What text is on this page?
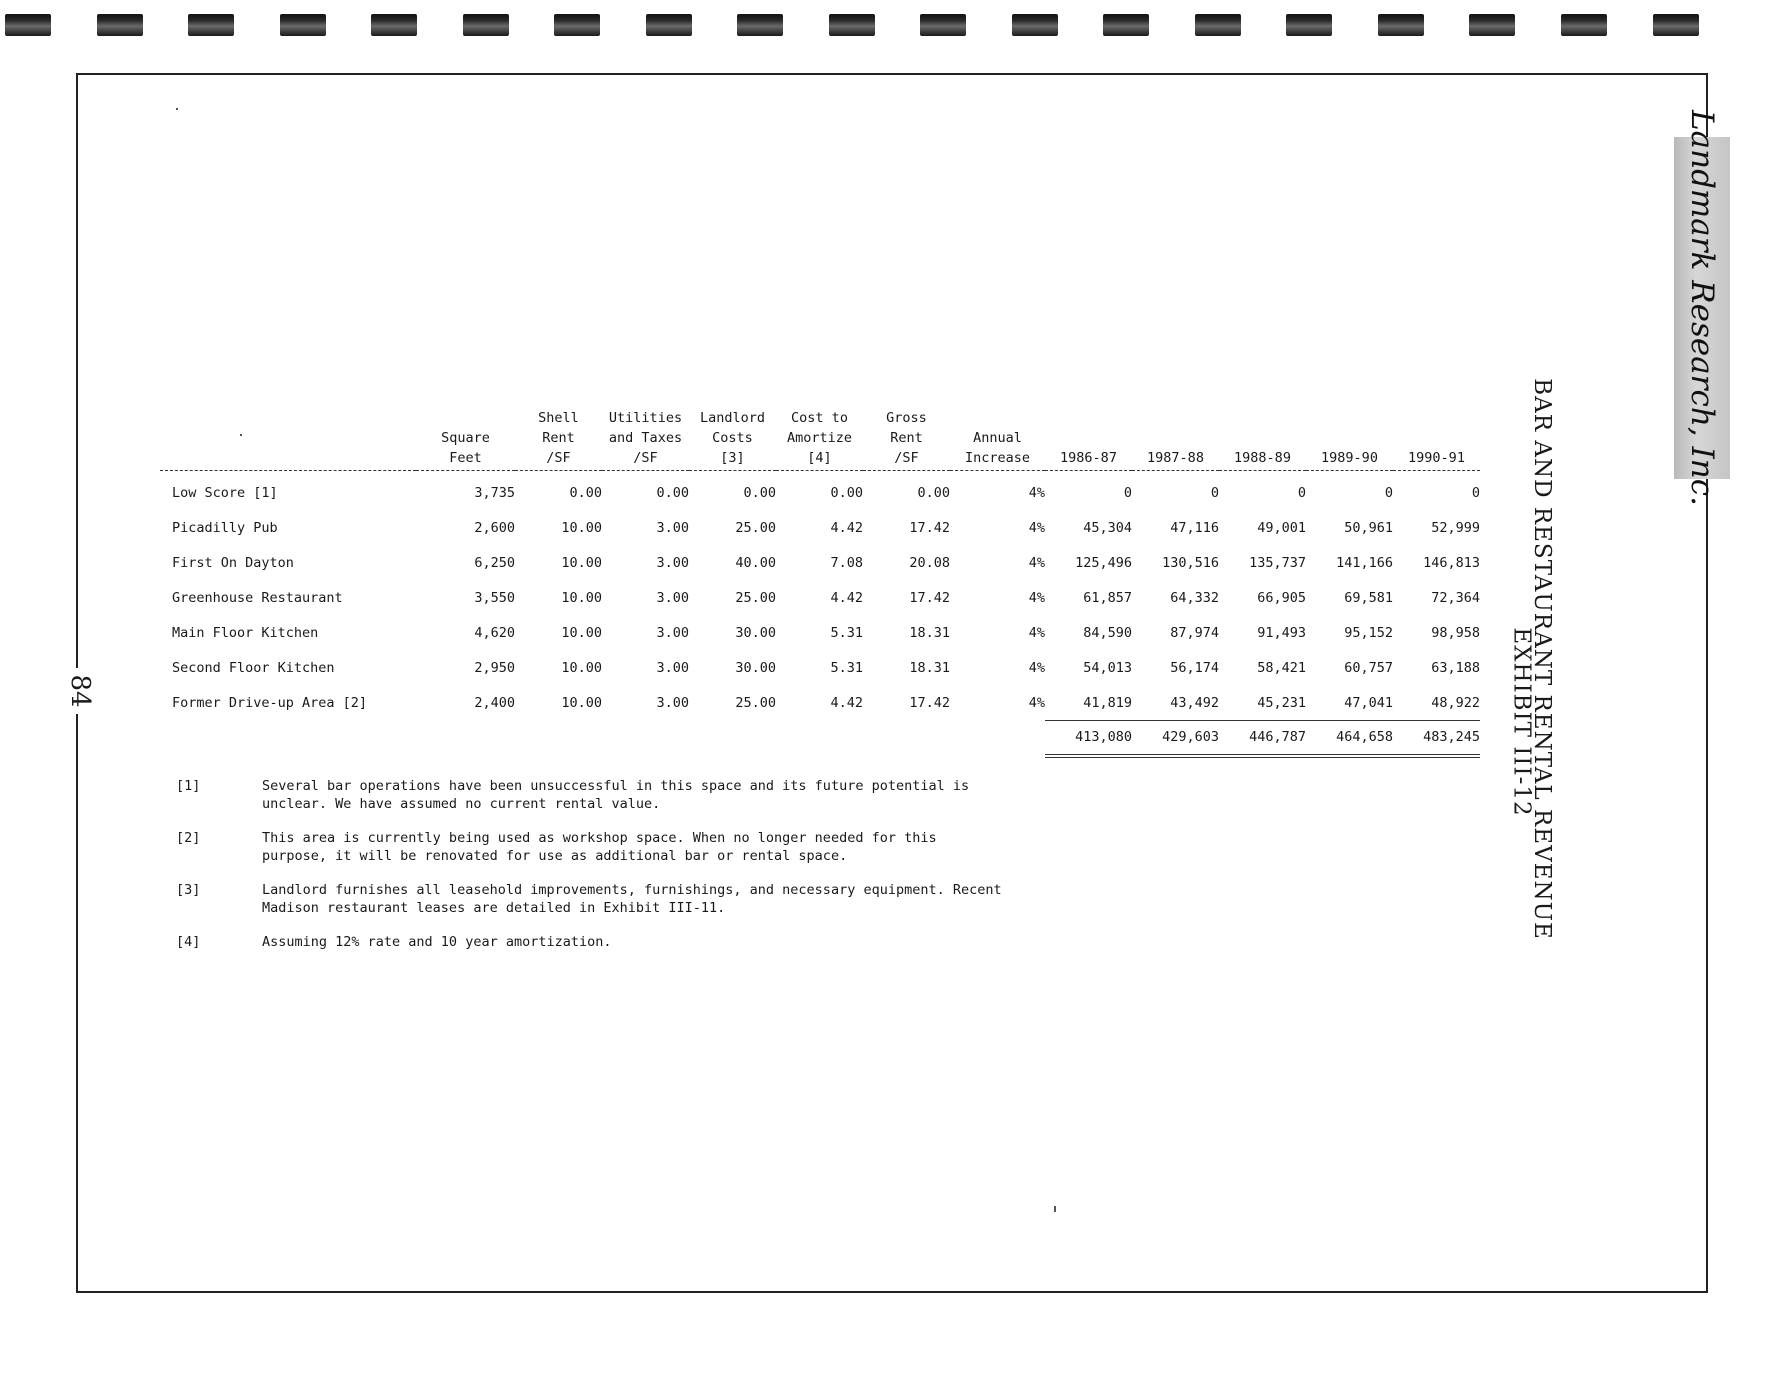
84
Landmark Research, Inc.
EXHIBIT III-12
BAR AND RESTAURANT RENTAL REVENUE
		Shell	Utilities	Landlord	Cost to	Gross						
	Square	Rent	and Taxes	Costs	Amortize	Rent	Annual					
	Feet	/SF	/SF	[3]	[4]	/SF	Increase	1986-87	1987-88	1988-89	1989-90	1990-91
Low Score [1]	3,735	0.00	0.00	0.00	0.00	0.00	4%	0	0	0	0	0
Picadilly Pub	2,600	10.00	3.00	25.00	4.42	17.42	4%	45,304	47,116	49,001	50,961	52,999
First On Dayton	6,250	10.00	3.00	40.00	7.08	20.08	4%	125,496	130,516	135,737	141,166	146,813
Greenhouse Restaurant	3,550	10.00	3.00	25.00	4.42	17.42	4%	61,857	64,332	66,905	69,581	72,364
Main Floor Kitchen	4,620	10.00	3.00	30.00	5.31	18.31	4%	84,590	87,974	91,493	95,152	98,958
Second Floor Kitchen	2,950	10.00	3.00	30.00	5.31	18.31	4%	54,013	56,174	58,421	60,757	63,188
Former Drive-up Area [2]	2,400	10.00	3.00	25.00	4.42	17.42	4%	41,819	43,492	45,231	47,041	48,922
								413,080	429,603	446,787	464,658	483,245
[1]	Several bar operations have been unsuccessful in this space and its future potential is unclear. We have assumed no current rental value.
[2]	This area is currently being used as workshop space. When no longer needed for this purpose, it will be renovated for use as additional bar or rental space.
[3]	Landlord furnishes all leasehold improvements, furnishings, and necessary equipment. Recent Madison restaurant leases are detailed in Exhibit III-11.
[4]	Assuming 12% rate and 10 year amortization.
